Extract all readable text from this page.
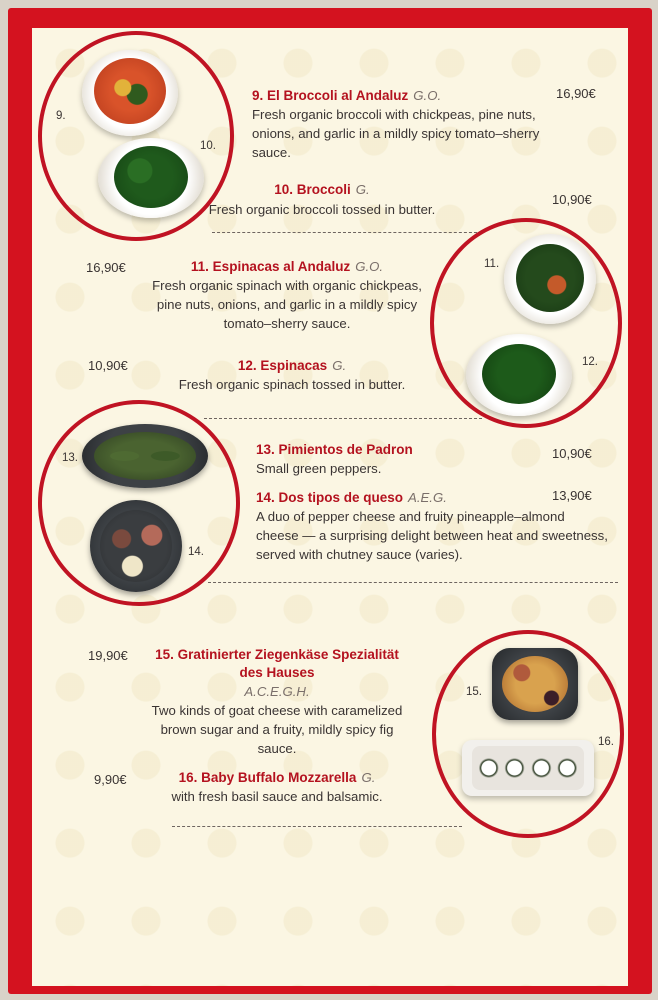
9.
10.
9. El Broccoli al Andaluz G.O.	16,90€
Fresh organic broccoli with chickpeas, pine nuts,
onions, and garlic in a mildly spicy tomato–sherry
sauce.
10. Broccoli G.
10,90€
Fresh organic broccoli tossed in butter.
16,90€	11. Espinacas al Andaluz G.O.
Fresh organic spinach with organic chickpeas,
pine nuts, onions, and garlic in a mildly spicy
tomato–sherry sauce.
10,90€	12. Espinacas G.
Fresh organic spinach tossed in butter.
11.
12.
13.
14.
13. Pimientos de Padron	10,90€
Small green peppers.
14. Dos tipos de queso A.E.G.	13,90€
A duo of pepper cheese and fruity pineapple–almond
cheese — a surprising delight between heat and sweetness,
served with chutney sauce (varies).
19,90€	15. Gratinierter Ziegenkäse Spezialität
des Hauses
A.C.E.G.H.
Two kinds of goat cheese with caramelized
brown sugar and a fruity, mildly spicy fig
sauce.
9,90€	16. Baby Buffalo Mozzarella G.
with fresh basil sauce and balsamic.
15.
16.
